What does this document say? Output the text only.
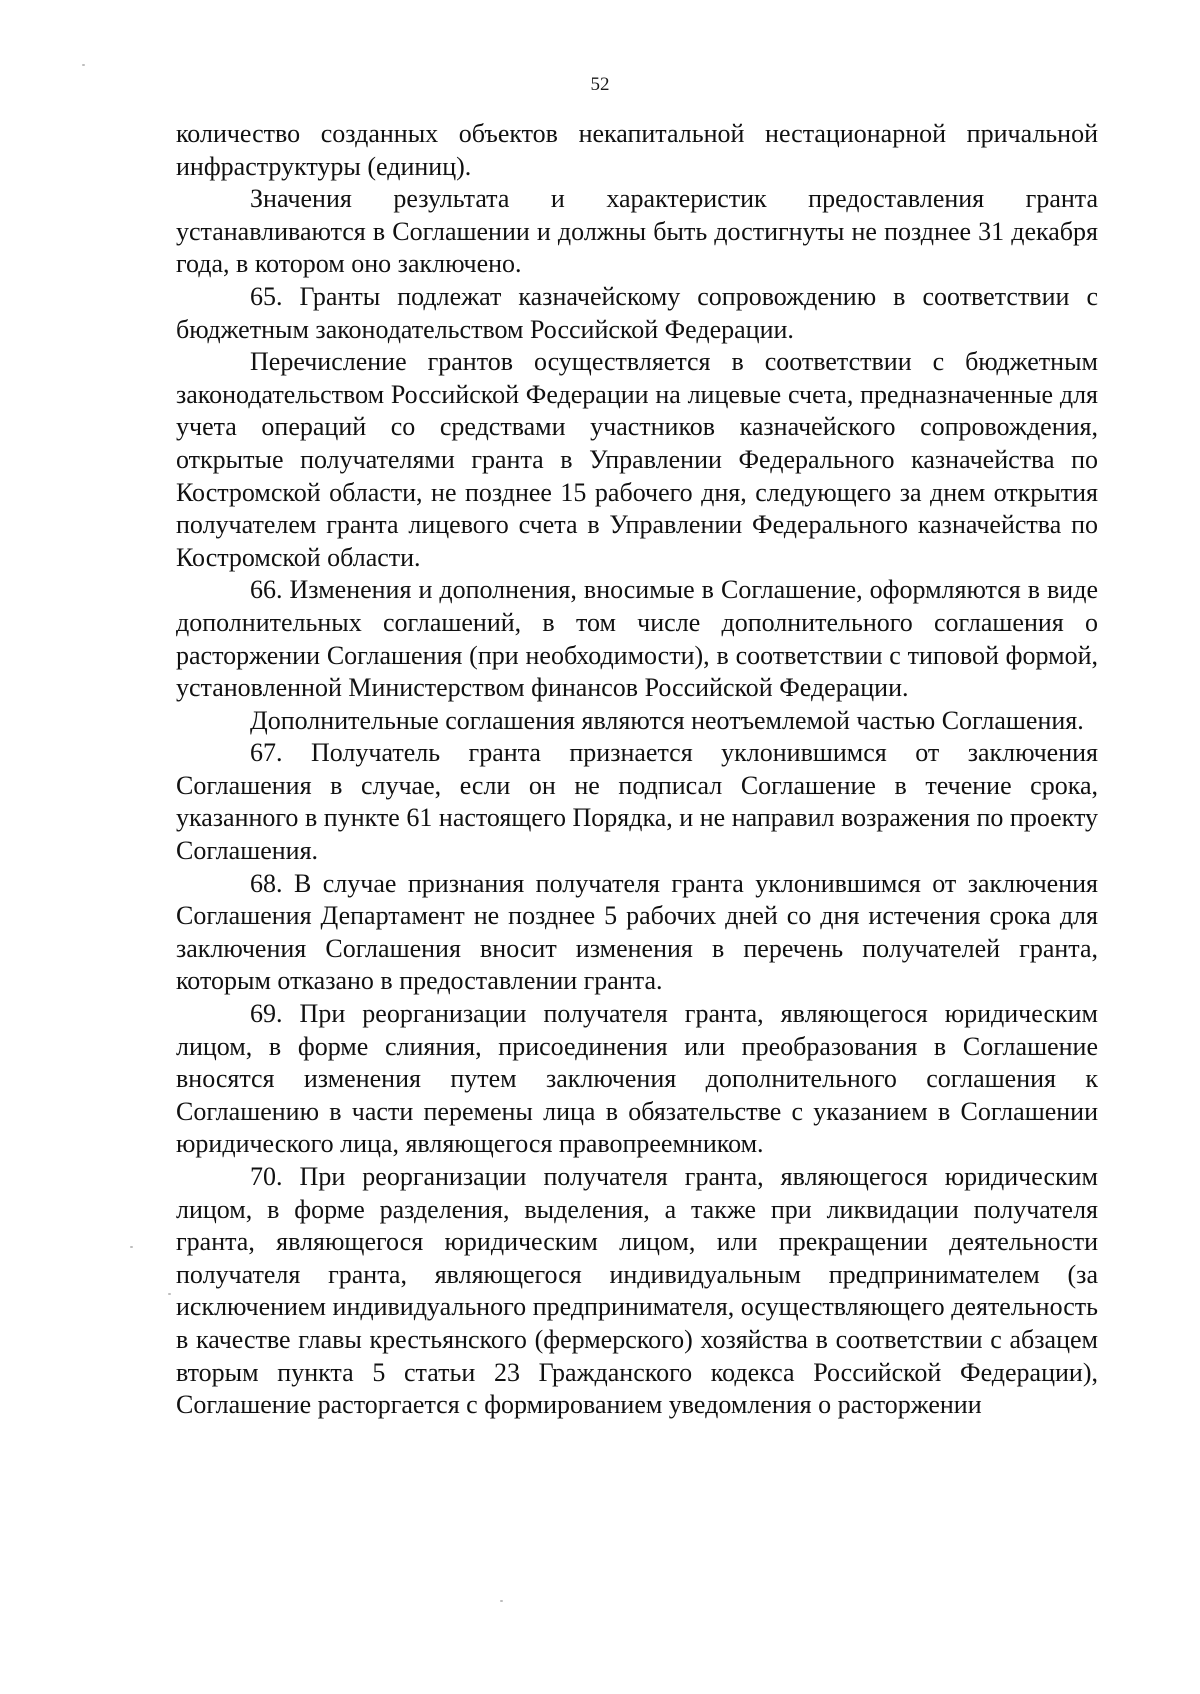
52

количество созданных объектов некапитальной нестационарной причальной инфраструктуры (единиц).

Значения результата и характеристик предоставления гранта устанавливаются в Соглашении и должны быть достигнуты не позднее 31 декабря года, в котором оно заключено.

65. Гранты подлежат казначейскому сопровождению в соответствии с бюджетным законодательством Российской Федерации.

Перечисление грантов осуществляется в соответствии с бюджетным законодательством Российской Федерации на лицевые счета, предназначенные для учета операций со средствами участников казначейского сопровождения, открытые получателями гранта в Управлении Федерального казначейства по Костромской области, не позднее 15 рабочего дня, следующего за днем открытия получателем гранта лицевого счета в Управлении Федерального казначейства по Костромской области.

66. Изменения и дополнения, вносимые в Соглашение, оформляются в виде дополнительных соглашений, в том числе дополнительного соглашения о расторжении Соглашения (при необходимости), в соответствии с типовой формой, установленной Министерством финансов Российской Федерации.

Дополнительные соглашения являются неотъемлемой частью Соглашения.

67. Получатель гранта признается уклонившимся от заключения Соглашения в случае, если он не подписал Соглашение в течение срока, указанного в пункте 61 настоящего Порядка, и не направил возражения по проекту Соглашения.

68. В случае признания получателя гранта уклонившимся от заключения Соглашения Департамент не позднее 5 рабочих дней со дня истечения срока для заключения Соглашения вносит изменения в перечень получателей гранта, которым отказано в предоставлении гранта.

69. При реорганизации получателя гранта, являющегося юридическим лицом, в форме слияния, присоединения или преобразования в Соглашение вносятся изменения путем заключения дополнительного соглашения к Соглашению в части перемены лица в обязательстве с указанием в Соглашении юридического лица, являющегося правопреемником.

70. При реорганизации получателя гранта, являющегося юридическим лицом, в форме разделения, выделения, а также при ликвидации получателя гранта, являющегося юридическим лицом, или прекращении деятельности получателя гранта, являющегося индивидуальным предпринимателем (за исключением индивидуального предпринимателя, осуществляющего деятельность в качестве главы крестьянского (фермерского) хозяйства в соответствии с абзацем вторым пункта 5 статьи 23 Гражданского кодекса Российской Федерации), Соглашение расторгается с формированием уведомления о расторжении
